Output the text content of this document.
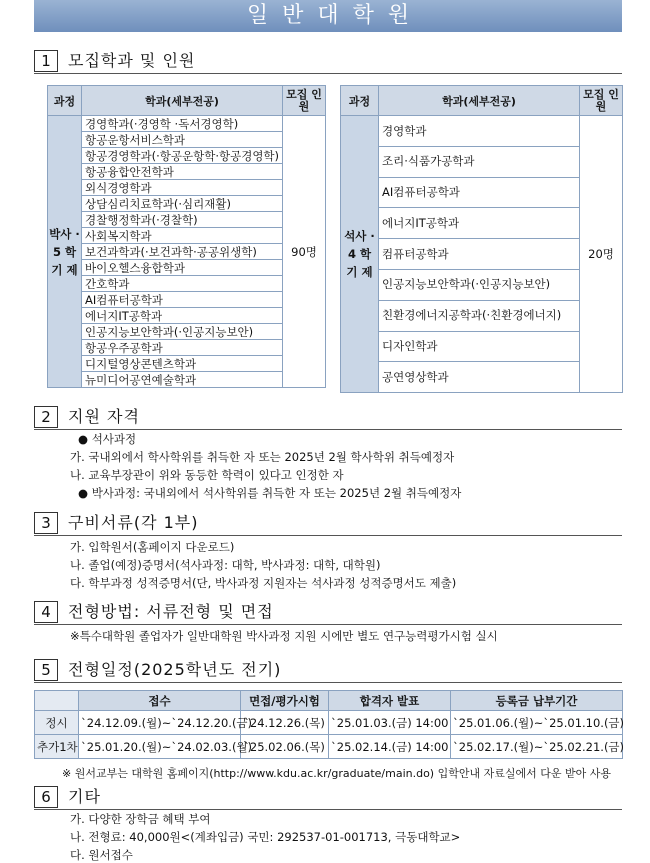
일반대학원
1	모집학과 및 인원
과정	학과(세부전공)	모집 인원
박사 · 5 학 기 제	경영학과(·경영학 ·독서경영학)	90명
	항공운항서비스학과	
	항공경영학과(·항공운항학·항공경영학)	
	항공융합안전학과	
	외식경영학과	
	상담심리치료학과(·심리재활)	
	경찰행정학과(·경찰학)	
	사회복지학과	
	보건과학과(·보건과학·공공위생학)	
	바이오헬스융합학과	
	간호학과	
	AI컴퓨터공학과	
	에너지IT공학과	
	인공지능보안학과(·인공지능보안)	
	항공우주공학과	
	디지털영상콘텐츠학과	
	뉴미디어공연예술학과	
과정	학과(세부전공)	모집 인원
석사 · 4 학 기 제	경영학과	20명
	조리·식품가공학과	
	AI컴퓨터공학과	
	에너지IT공학과	
	컴퓨터공학과	
	인공지능보안학과(·인공지능보안)	
	친환경에너지공학과(·친환경에너지)	
	디자인학과	
	공연영상학과	
2	지원 자격
● 석사과정
가. 국내외에서 학사학위를 취득한 자 또는 2025년 2월 학사학위 취득예정자
나. 교육부장관이 위와 동등한 학력이 있다고 인정한 자
● 박사과정: 국내외에서 석사학위를 취득한 자 또는 2025년 2월 취득예정자
3	구비서류(각 1부)
가. 입학원서(홈페이지 다운로드)
나. 졸업(예정)증명서(석사과정: 대학, 박사과정: 대학, 대학원)
다. 학부과정 성적증명서(단, 박사과정 지원자는 석사과정 성적증명서도 제출)
4	전형방법: 서류전형 및 면접
※특수대학원 졸업자가 일반대학원 박사과정 지원 시에만 별도 연구능력평가시험 실시
5	전형일정(2025학년도 전기)
	접수	면접/평가시험	합격자 발표	등록금 납부기간
정시	`24.12.09.(월)~`24.12.20.(금)	`24.12.26.(목)	`25.01.03.(금) 14:00	`25.01.06.(월)~`25.01.10.(금)
추가1차	`25.01.20.(월)~`24.02.03.(월)	`25.02.06.(목)	`25.02.14.(금) 14:00	`25.02.17.(월)~`25.02.21.(금)
※ 원서교부는 대학원 홈페이지(http://www.kdu.ac.kr/graduate/main.do) 입학안내 자료실에서 다운 받아 사용
6	기타
가. 다양한 장학금 혜택 부여
나. 전형료: 40,000원<(계좌입금) 국민: 292537-01-001713, 극동대학교>
다. 원서접수
